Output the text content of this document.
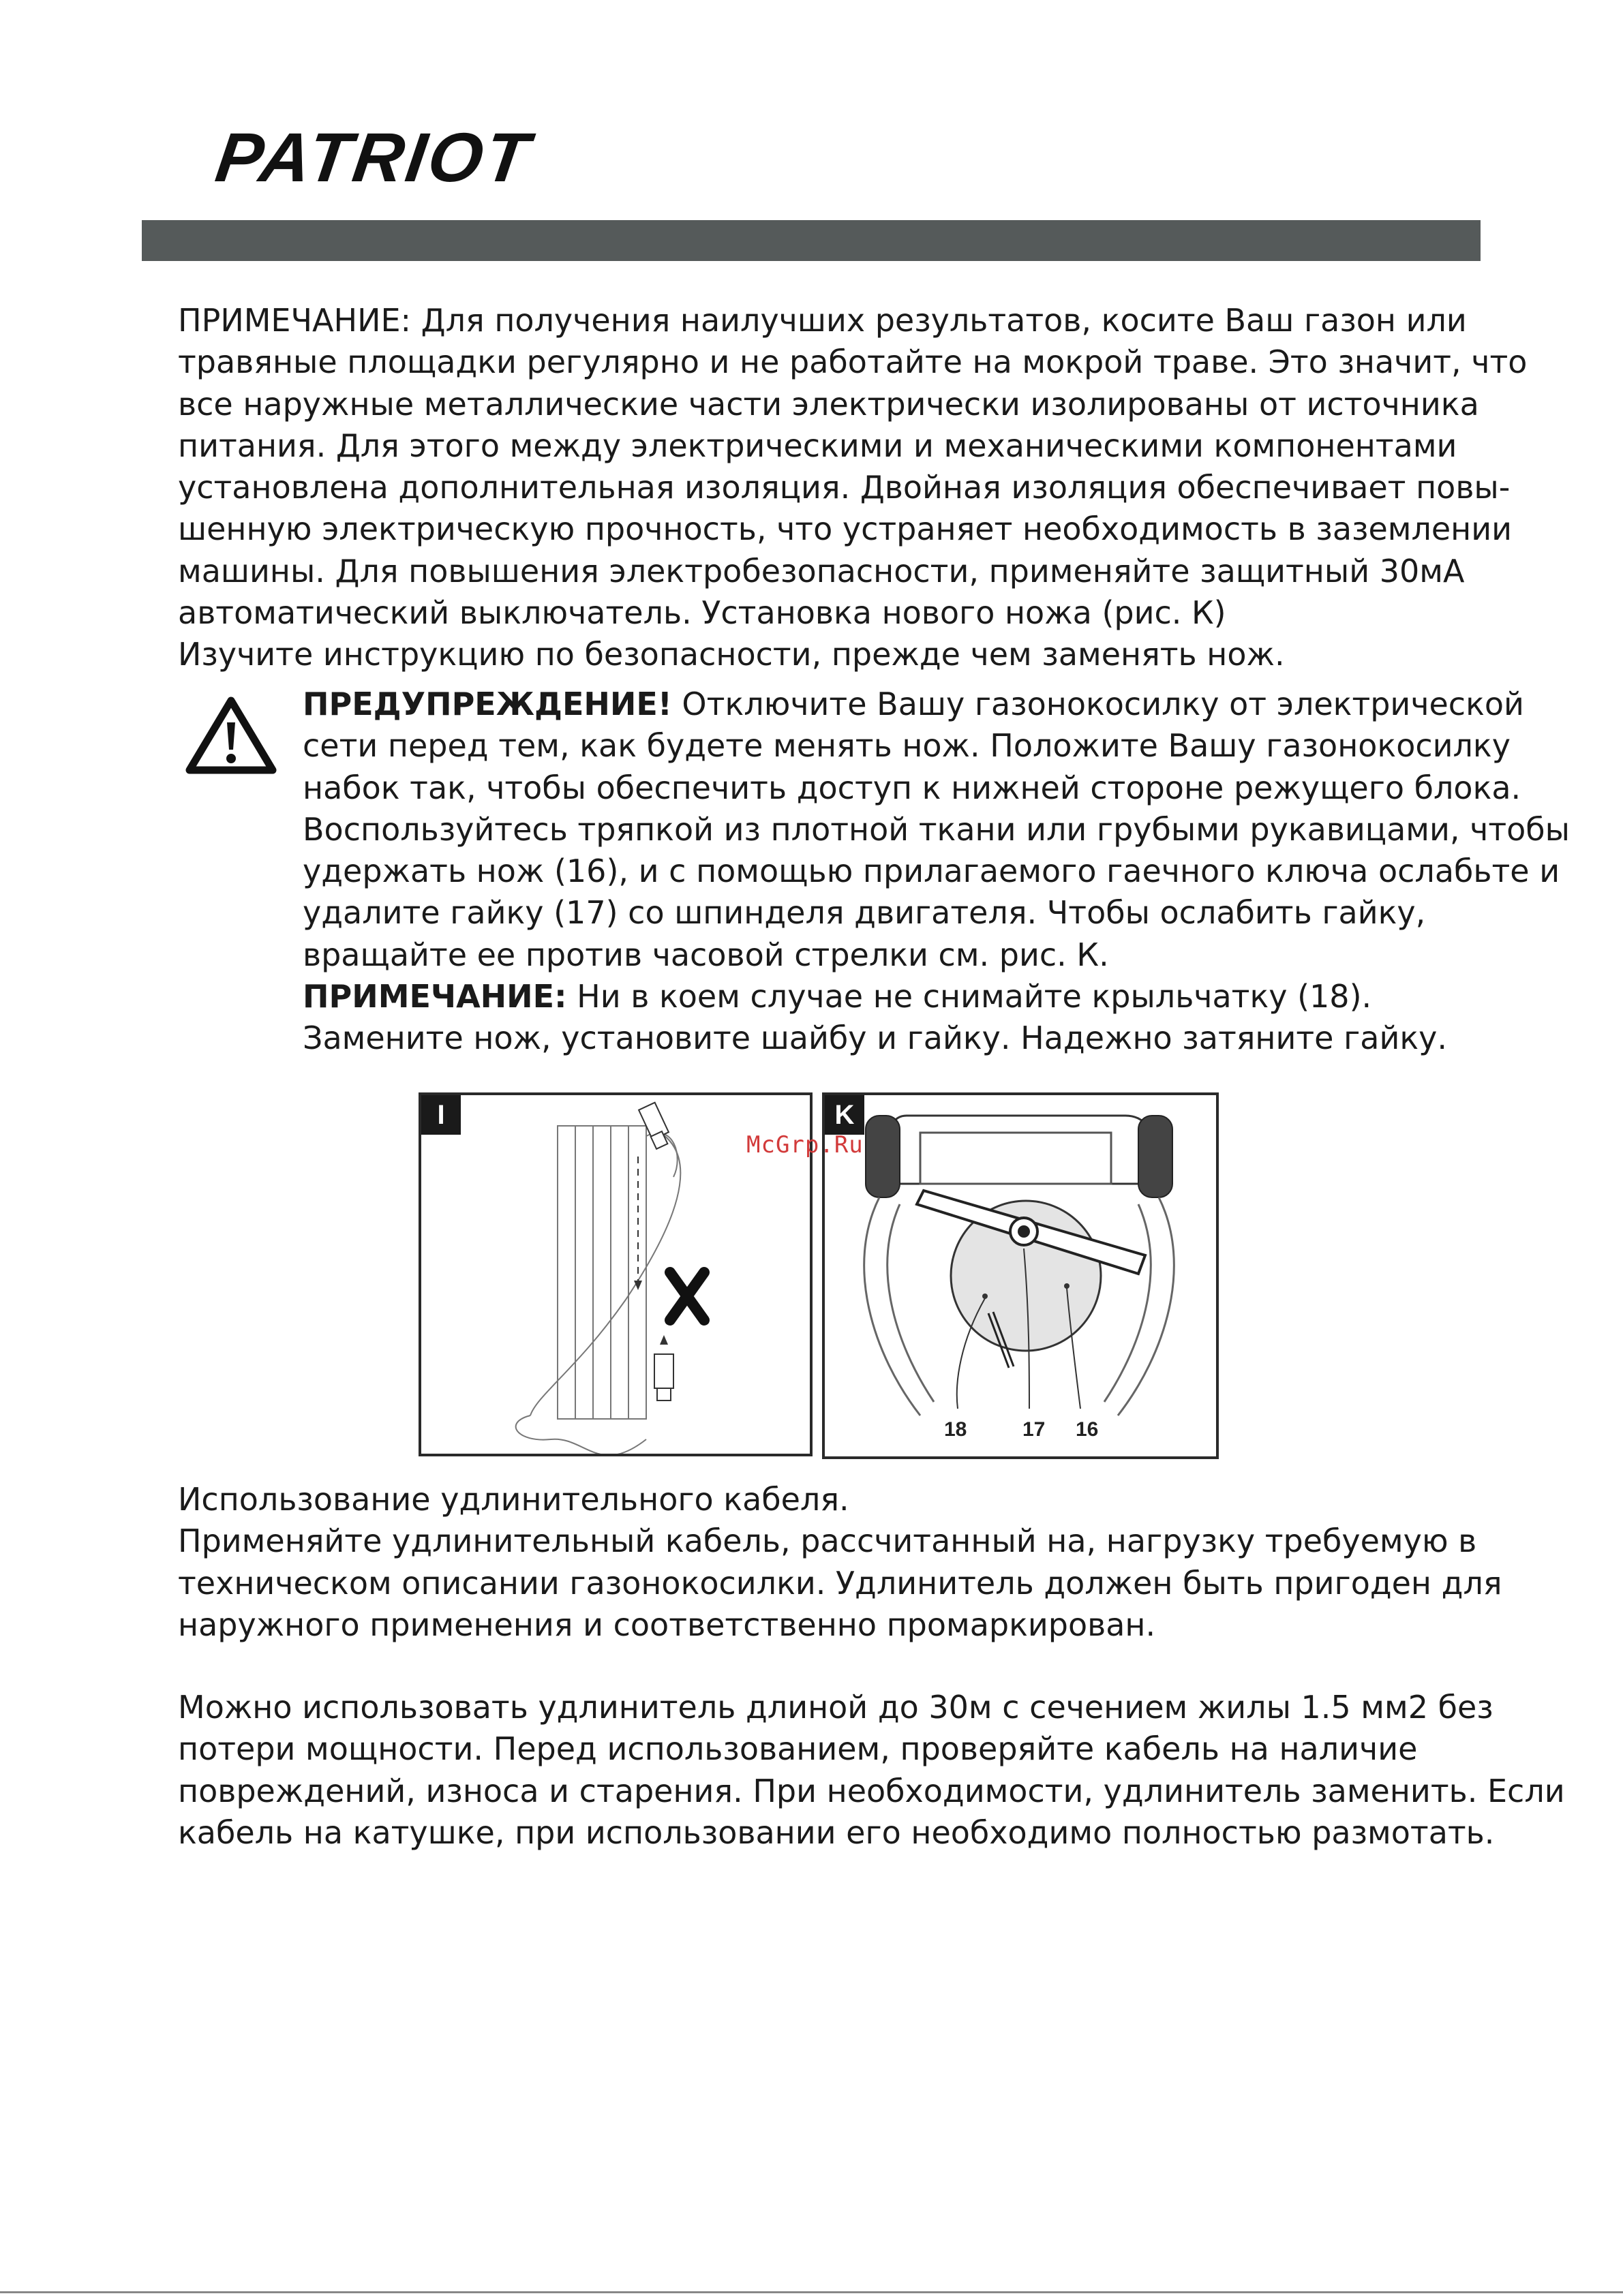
PATRIOT
ПРИМЕЧАНИЕ: Для получения наилучших результатов, косите Ваш газон или
травяные площадки регулярно и не работайте на мокрой траве. Это значит, что
все наружные металлические части электрически изолированы от источника
питания. Для этого между электрическими и механическими компонентами
установлена дополнительная изоляция. Двойная изоляция обеспечивает повы-
шенную электрическую прочность, что устраняет необходимость в заземлении
машины. Для повышения электробезопасности, применяйте защитный 30мА
автоматический выключатель. Установка нового ножа (рис. К)
Изучите инструкцию по безопасности, прежде чем заменять нож.
ПРЕДУПРЕЖДЕНИЕ! Отключите Вашу газонокосилку от электрической
сети перед тем, как будете менять нож. Положите Вашу газонокосилку
набок так, чтобы обеспечить доступ к нижней стороне режущего блока.
Воспользуйтесь тряпкой из плотной ткани или грубыми рукавицами, чтобы
удержать нож (16), и с помощью прилагаемого гаечного ключа ослабьте и
удалите гайку (17) со шпинделя двигателя. Чтобы ослабить гайку,
вращайте ее против часовой стрелки см. рис. К.
ПРИМЕЧАНИЕ: Ни в коем случае не снимайте крыльчатку (18).
Замените нож, установите шайбу и гайку. Надежно затяните гайку.
I	K
18	17 16
McGrp.Ru
Использование удлинительного кабеля.
Применяйте удлинительный кабель, рассчитанный на, нагрузку требуемую в
техническом описании газонокосилки. Удлинитель должен быть пригоден для
наружного применения и соответственно промаркирован.
Можно использовать удлинитель длиной до 30м с сечением жилы 1.5 мм2 без
потери мощности. Перед использованием, проверяйте кабель на наличие
повреждений, износа и старения. При необходимости, удлинитель заменить. Если
кабель на катушке, при использовании его необходимо полностью размотать.
